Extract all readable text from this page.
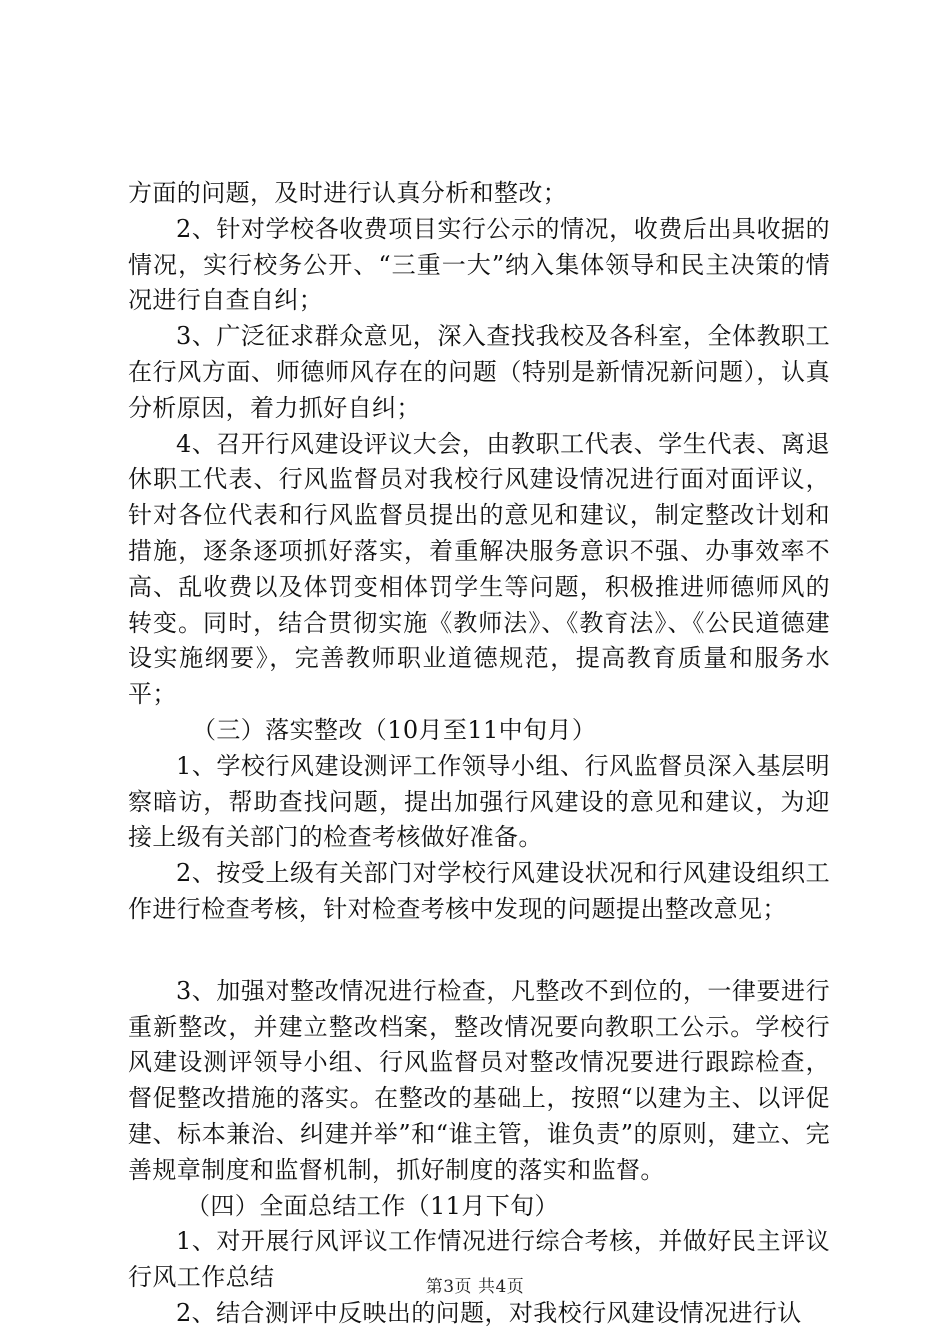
方面的问题，及时进行认真分析和整改；

2、针对学校各收费项目实行公示的情况，收费后出具收据的情况，实行校务公开、“三重一大”纳入集体领导和民主决策的情况进行自查自纠；

3、广泛征求群众意见，深入查找我校及各科室，全体教职工在行风方面、师德师风存在的问题（特别是新情况新问题），认真分析原因，着力抓好自纠；

4、召开行风建设评议大会，由教职工代表、学生代表、离退休职工代表、行风监督员对我校行风建设情况进行面对面评议，针对各位代表和行风监督员提出的意见和建议，制定整改计划和措施，逐条逐项抓好落实，着重解决服务意识不强、办事效率不高、乱收费以及体罚变相体罚学生等问题，积极推进师德师风的转变。同时，结合贯彻实施《教师法》、《教育法》、《公民道德建设实施纲要》，完善教师职业道德规范，提高教育质量和服务水平；

（三）落实整改（10月至11中旬月）

1、学校行风建设测评工作领导小组、行风监督员深入基层明察暗访，帮助查找问题，提出加强行风建设的意见和建议，为迎接上级有关部门的检查考核做好准备。

2、按受上级有关部门对学校行风建设状况和行风建设组织工作进行检查考核，针对检查考核中发现的问题提出整改意见；

3、加强对整改情况进行检查，凡整改不到位的，一律要进行重新整改，并建立整改档案，整改情况要向教职工公示。学校行风建设测评领导小组、行风监督员对整改情况要进行跟踪检查，督促整改措施的落实。在整改的基础上，按照“以建为主、以评促建、标本兼治、纠建并举”和“谁主管，谁负责”的原则，建立、完善规章制度和监督机制，抓好制度的落实和监督。

（四）全面总结工作（11月下旬）

1、对开展行风评议工作情况进行综合考核，并做好民主评议行风工作总结

2、结合测评中反映出的问题，对我校行风建设情况进行认

第3页 共4页
